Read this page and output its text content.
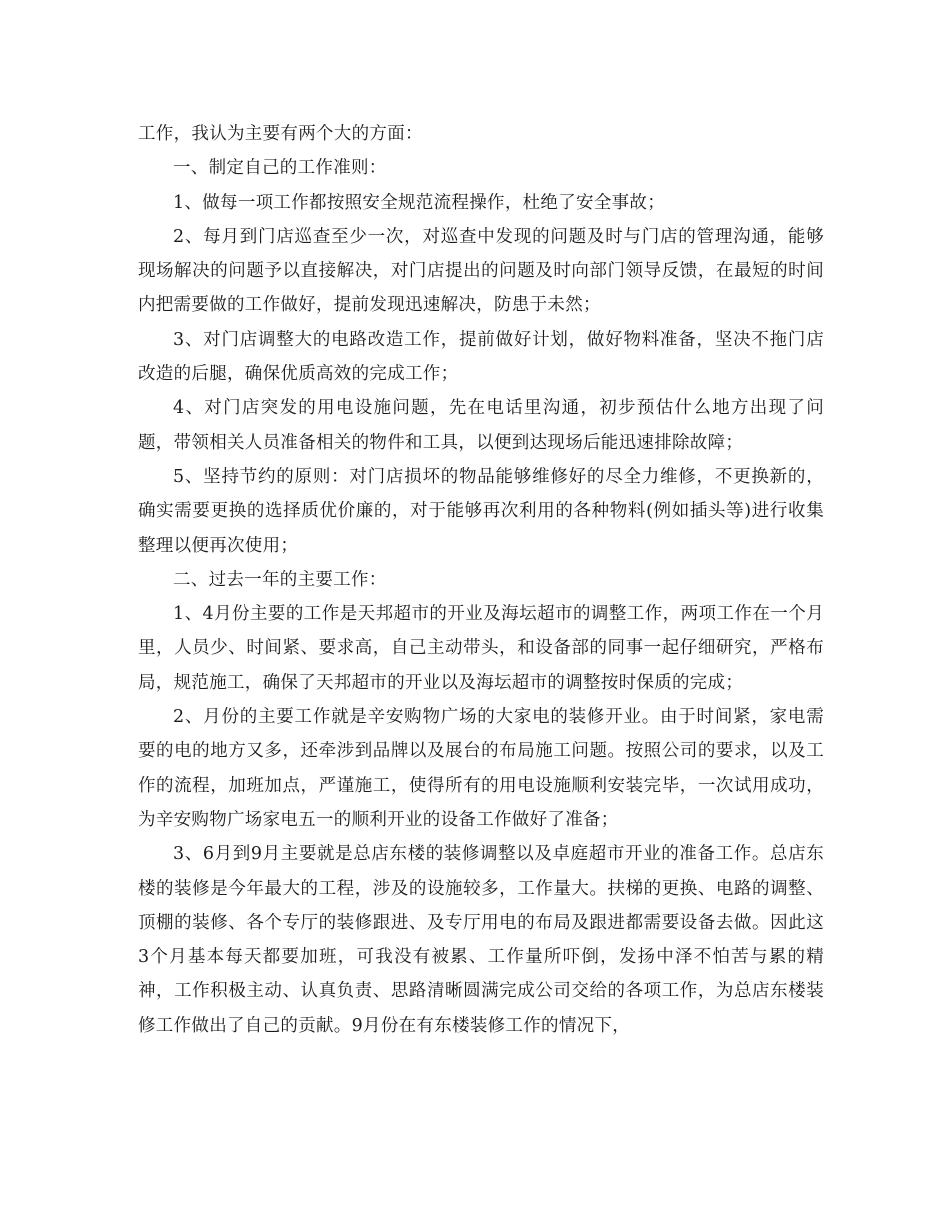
工作，我认为主要有两个大的方面：

一、制定自己的工作准则：

1、做每一项工作都按照安全规范流程操作，杜绝了安全事故；

2、每月到门店巡查至少一次，对巡查中发现的问题及时与门店的管理沟通，能够现场解决的问题予以直接解决，对门店提出的问题及时向部门领导反馈，在最短的时间内把需要做的工作做好，提前发现迅速解决，防患于未然；

3、对门店调整大的电路改造工作，提前做好计划，做好物料准备，坚决不拖门店改造的后腿，确保优质高效的完成工作；

4、对门店突发的用电设施问题，先在电话里沟通，初步预估什么地方出现了问题，带领相关人员准备相关的物件和工具，以便到达现场后能迅速排除故障；

5、坚持节约的原则：对门店损坏的物品能够维修好的尽全力维修，不更换新的，确实需要更换的选择质优价廉的，对于能够再次利用的各种物料(例如插头等)进行收集整理以便再次使用；

二、过去一年的主要工作：

1、4月份主要的工作是天邦超市的开业及海坛超市的调整工作，两项工作在一个月里，人员少、时间紧、要求高，自己主动带头，和设备部的同事一起仔细研究，严格布局，规范施工，确保了天邦超市的开业以及海坛超市的调整按时保质的完成；

2、月份的主要工作就是辛安购物广场的大家电的装修开业。由于时间紧，家电需要的电的地方又多，还牵涉到品牌以及展台的布局施工问题。按照公司的要求，以及工作的流程，加班加点，严谨施工，使得所有的用电设施顺利安装完毕，一次试用成功，为辛安购物广场家电五一的顺利开业的设备工作做好了准备；

3、6月到9月主要就是总店东楼的装修调整以及卓庭超市开业的准备工作。总店东楼的装修是今年最大的工程，涉及的设施较多，工作量大。扶梯的更换、电路的调整、顶棚的装修、各个专厅的装修跟进、及专厅用电的布局及跟进都需要设备去做。因此这3个月基本每天都要加班，可我没有被累、工作量所吓倒，发扬中泽不怕苦与累的精神，工作积极主动、认真负责、思路清晰圆满完成公司交给的各项工作，为总店东楼装修工作做出了自己的贡献。9月份在有东楼装修工作的情况下，
